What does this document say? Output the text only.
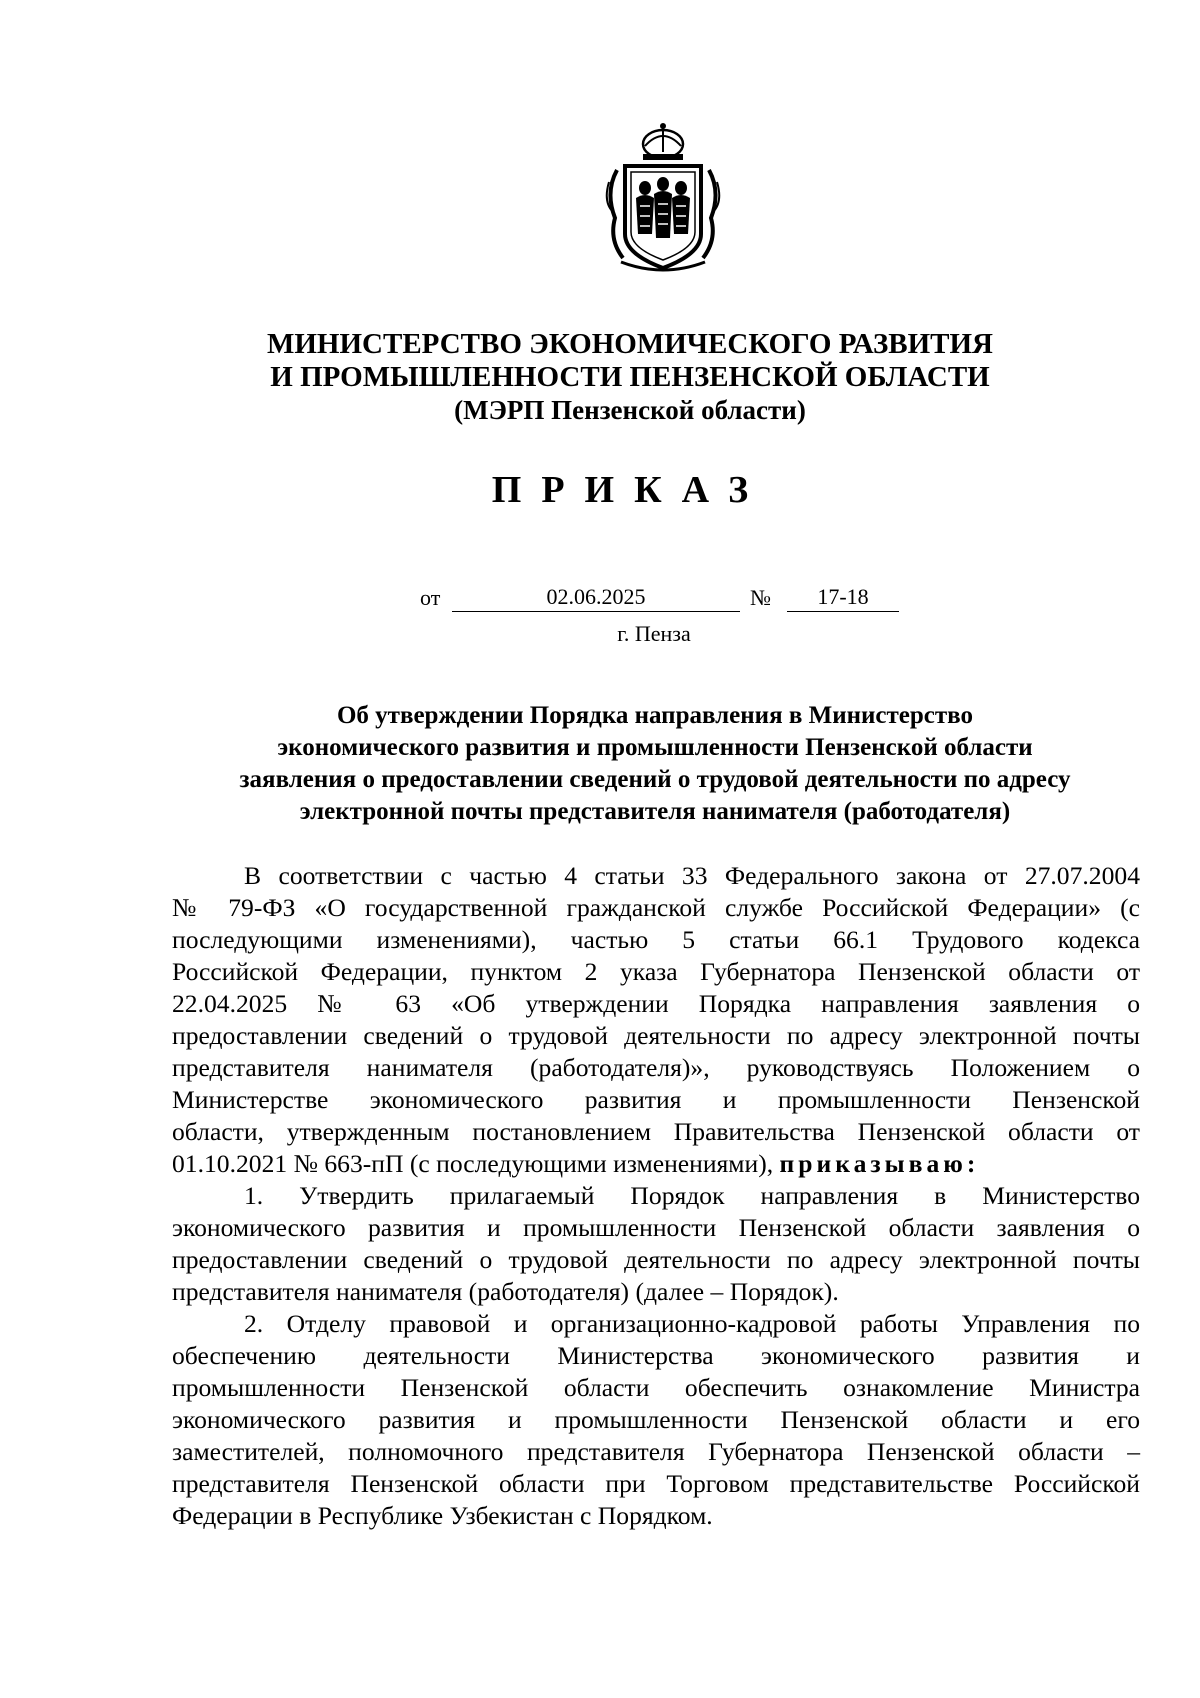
МИНИСТЕРСТВО ЭКОНОМИЧЕСКОГО РАЗВИТИЯ
И ПРОМЫШЛЕННОСТИ ПЕНЗЕНСКОЙ ОБЛАСТИ
(МЭРП Пензенской области)
ПРИКАЗ
от	02.06.2025	№	17-18
г. Пенза
Об утверждении Порядка направления в Министерство
экономического развития и промышленности Пензенской области
заявления о предоставлении сведений о трудовой деятельности по адресу
электронной почты представителя нанимателя (работодателя)
В соответствии с частью 4 статьи 33 Федерального закона от 27.07.2004
№ 79-ФЗ «О государственной гражданской службе Российской Федерации» (с
последующими изменениями), частью 5 статьи 66.1 Трудового кодекса
Российской Федерации, пунктом 2 указа Губернатора Пензенской области от
22.04.2025 № 63 «Об утверждении Порядка направления заявления о
предоставлении сведений о трудовой деятельности по адресу электронной почты
представителя нанимателя (работодателя)», руководствуясь Положением о
Министерстве экономического развития и промышленности Пензенской
области, утвержденным постановлением Правительства Пензенской области от
01.10.2021 № 663-пП (с последующими изменениями), приказываю:
1. Утвердить прилагаемый Порядок направления в Министерство
экономического развития и промышленности Пензенской области заявления о
предоставлении сведений о трудовой деятельности по адресу электронной почты
представителя нанимателя (работодателя) (далее – Порядок).
2. Отделу правовой и организационно-кадровой работы Управления по
обеспечению деятельности Министерства экономического развития и
промышленности Пензенской области обеспечить ознакомление Министра
экономического развития и промышленности Пензенской области и его
заместителей, полномочного представителя Губернатора Пензенской области –
представителя Пензенской области при Торговом представительстве Российской
Федерации в Республике Узбекистан с Порядком.
